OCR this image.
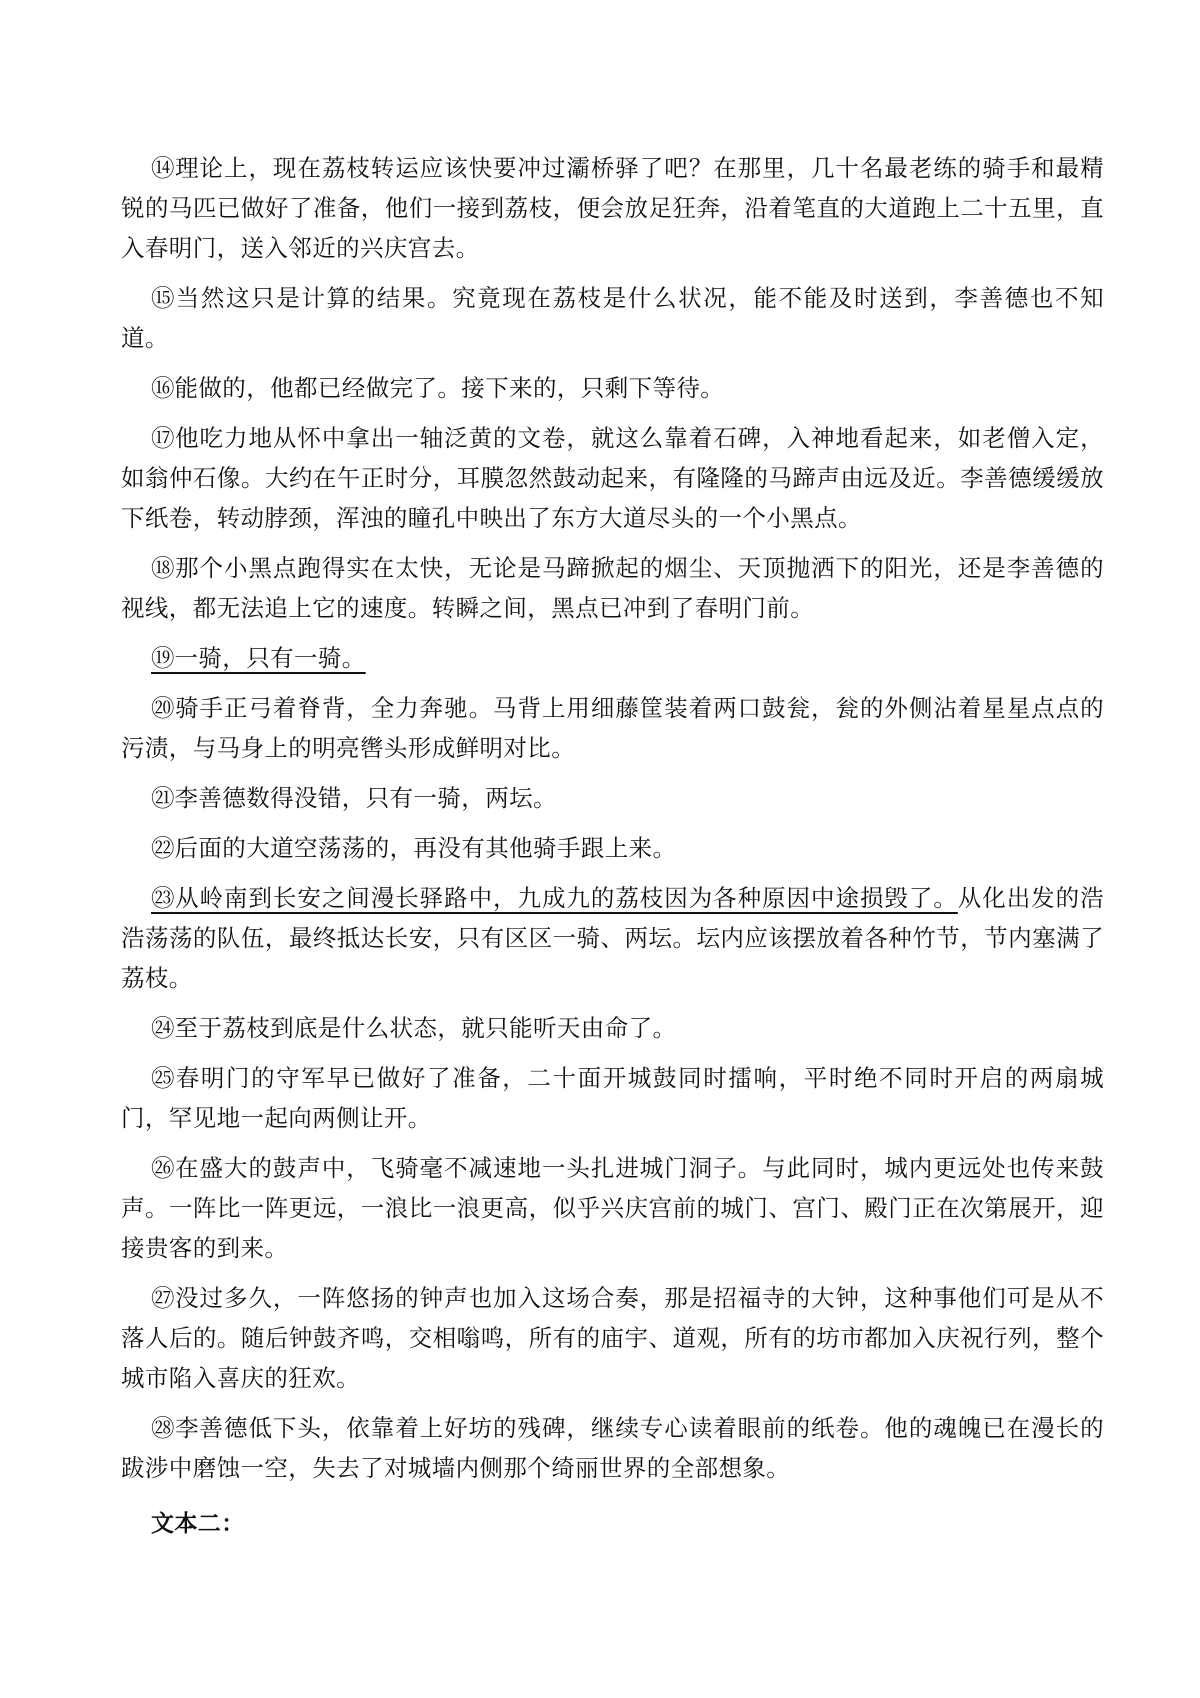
⑭理论上，现在荔枝转运应该快要冲过灞桥驿了吧？在那里，几十名最老练的骑手和最精锐的马匹已做好了准备，他们一接到荔枝，便会放足狂奔，沿着笔直的大道跑上二十五里，直入春明门，送入邻近的兴庆宫去。

⑮当然这只是计算的结果。究竟现在荔枝是什么状况，能不能及时送到，李善德也不知道。

⑯能做的，他都已经做完了。接下来的，只剩下等待。

⑰他吃力地从怀中拿出一轴泛黄的文卷，就这么靠着石碑，入神地看起来，如老僧入定，如翁仲石像。大约在午正时分，耳膜忽然鼓动起来，有隆隆的马蹄声由远及近。李善德缓缓放下纸卷，转动脖颈，浑浊的瞳孔中映出了东方大道尽头的一个小黑点。

⑱那个小黑点跑得实在太快，无论是马蹄掀起的烟尘、天顶抛洒下的阳光，还是李善德的视线，都无法追上它的速度。转瞬之间，黑点已冲到了春明门前。

⑲一骑，只有一骑。

⑳骑手正弓着脊背，全力奔驰。马背上用细藤筐装着两口鼓瓮，瓮的外侧沾着星星点点的污渍，与马身上的明亮辔头形成鲜明对比。

㉑李善德数得没错，只有一骑，两坛。

㉒后面的大道空荡荡的，再没有其他骑手跟上来。

㉓从岭南到长安之间漫长驿路中，九成九的荔枝因为各种原因中途损毁了。从化出发的浩浩荡荡的队伍，最终抵达长安，只有区区一骑、两坛。坛内应该摆放着各种竹节，节内塞满了荔枝。

㉔至于荔枝到底是什么状态，就只能听天由命了。

㉕春明门的守军早已做好了准备，二十面开城鼓同时擂响，平时绝不同时开启的两扇城门，罕见地一起向两侧让开。

㉖在盛大的鼓声中，飞骑毫不减速地一头扎进城门洞子。与此同时，城内更远处也传来鼓声。一阵比一阵更远，一浪比一浪更高，似乎兴庆宫前的城门、宫门、殿门正在次第展开，迎接贵客的到来。

㉗没过多久，一阵悠扬的钟声也加入这场合奏，那是招福寺的大钟，这种事他们可是从不落人后的。随后钟鼓齐鸣，交相嗡鸣，所有的庙宇、道观，所有的坊市都加入庆祝行列，整个城市陷入喜庆的狂欢。

㉘李善德低下头，依靠着上好坊的残碑，继续专心读着眼前的纸卷。他的魂魄已在漫长的跋涉中磨蚀一空，失去了对城墙内侧那个绮丽世界的全部想象。

文本二：
